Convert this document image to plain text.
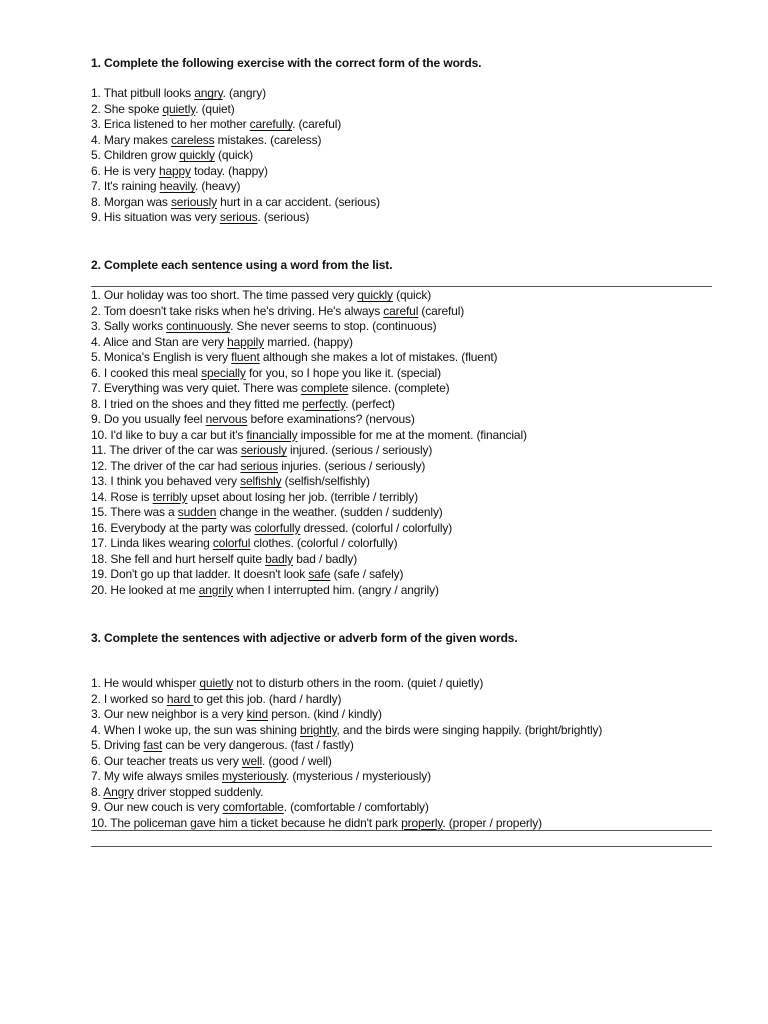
1. Complete the following exercise with the correct form of the words.
1. That pitbull looks angry. (angry)
2. She spoke quietly. (quiet)
3. Erica listened to her mother carefully. (careful)
4. Mary makes careless mistakes. (careless)
5. Children grow quickly (quick)
6. He is very happy today. (happy)
7. It's raining heavily. (heavy)
8. Morgan was seriously hurt in a car accident. (serious)
9. His situation was very serious. (serious)
2. Complete each sentence using a word from the list.
1. Our holiday was too short. The time passed very quickly (quick)
2. Tom doesn't take risks when he's driving. He's always careful (careful)
3. Sally works continuously. She never seems to stop. (continuous)
4. Alice and Stan are very happily married. (happy)
5. Monica's English is very fluent although she makes a lot of mistakes. (fluent)
6. I cooked this meal specially for you, so I hope you like it. (special)
7. Everything was very quiet. There was complete silence. (complete)
8. I tried on the shoes and they fitted me perfectly. (perfect)
9. Do you usually feel nervous before examinations? (nervous)
10. I'd like to buy a car but it's financially impossible for me at the moment. (financial)
11. The driver of the car was seriously injured. (serious / seriously)
12. The driver of the car had serious injuries. (serious / seriously)
13. I think you behaved very selfishly (selfish/selfishly)
14. Rose is terribly upset about losing her job. (terrible / terribly)
15. There was a sudden change in the weather. (sudden / suddenly)
16. Everybody at the party was colorfully dressed. (colorful / colorfully)
17. Linda likes wearing colorful clothes. (colorful / colorfully)
18. She fell and hurt herself quite badly bad / badly)
19. Don't go up that ladder. It doesn't look safe (safe / safely)
20. He looked at me angrily when I interrupted him. (angry / angrily)
3. Complete the sentences with adjective or adverb form of the given words.
1. He would whisper quietly not to disturb others in the room. (quiet / quietly)
2. I worked so hard to get this job. (hard / hardly)
3. Our new neighbor is a very kind person. (kind / kindly)
4. When I woke up, the sun was shining brightly, and the birds were singing happily. (bright/brightly)
5. Driving fast can be very dangerous. (fast / fastly)
6. Our teacher treats us very well. (good / well)
7. My wife always smiles mysteriously. (mysterious / mysteriously)
8. Angry driver stopped suddenly.
9. Our new couch is very comfortable. (comfortable / comfortably)
10. The policeman gave him a ticket because he didn't park properly. (proper / properly)
